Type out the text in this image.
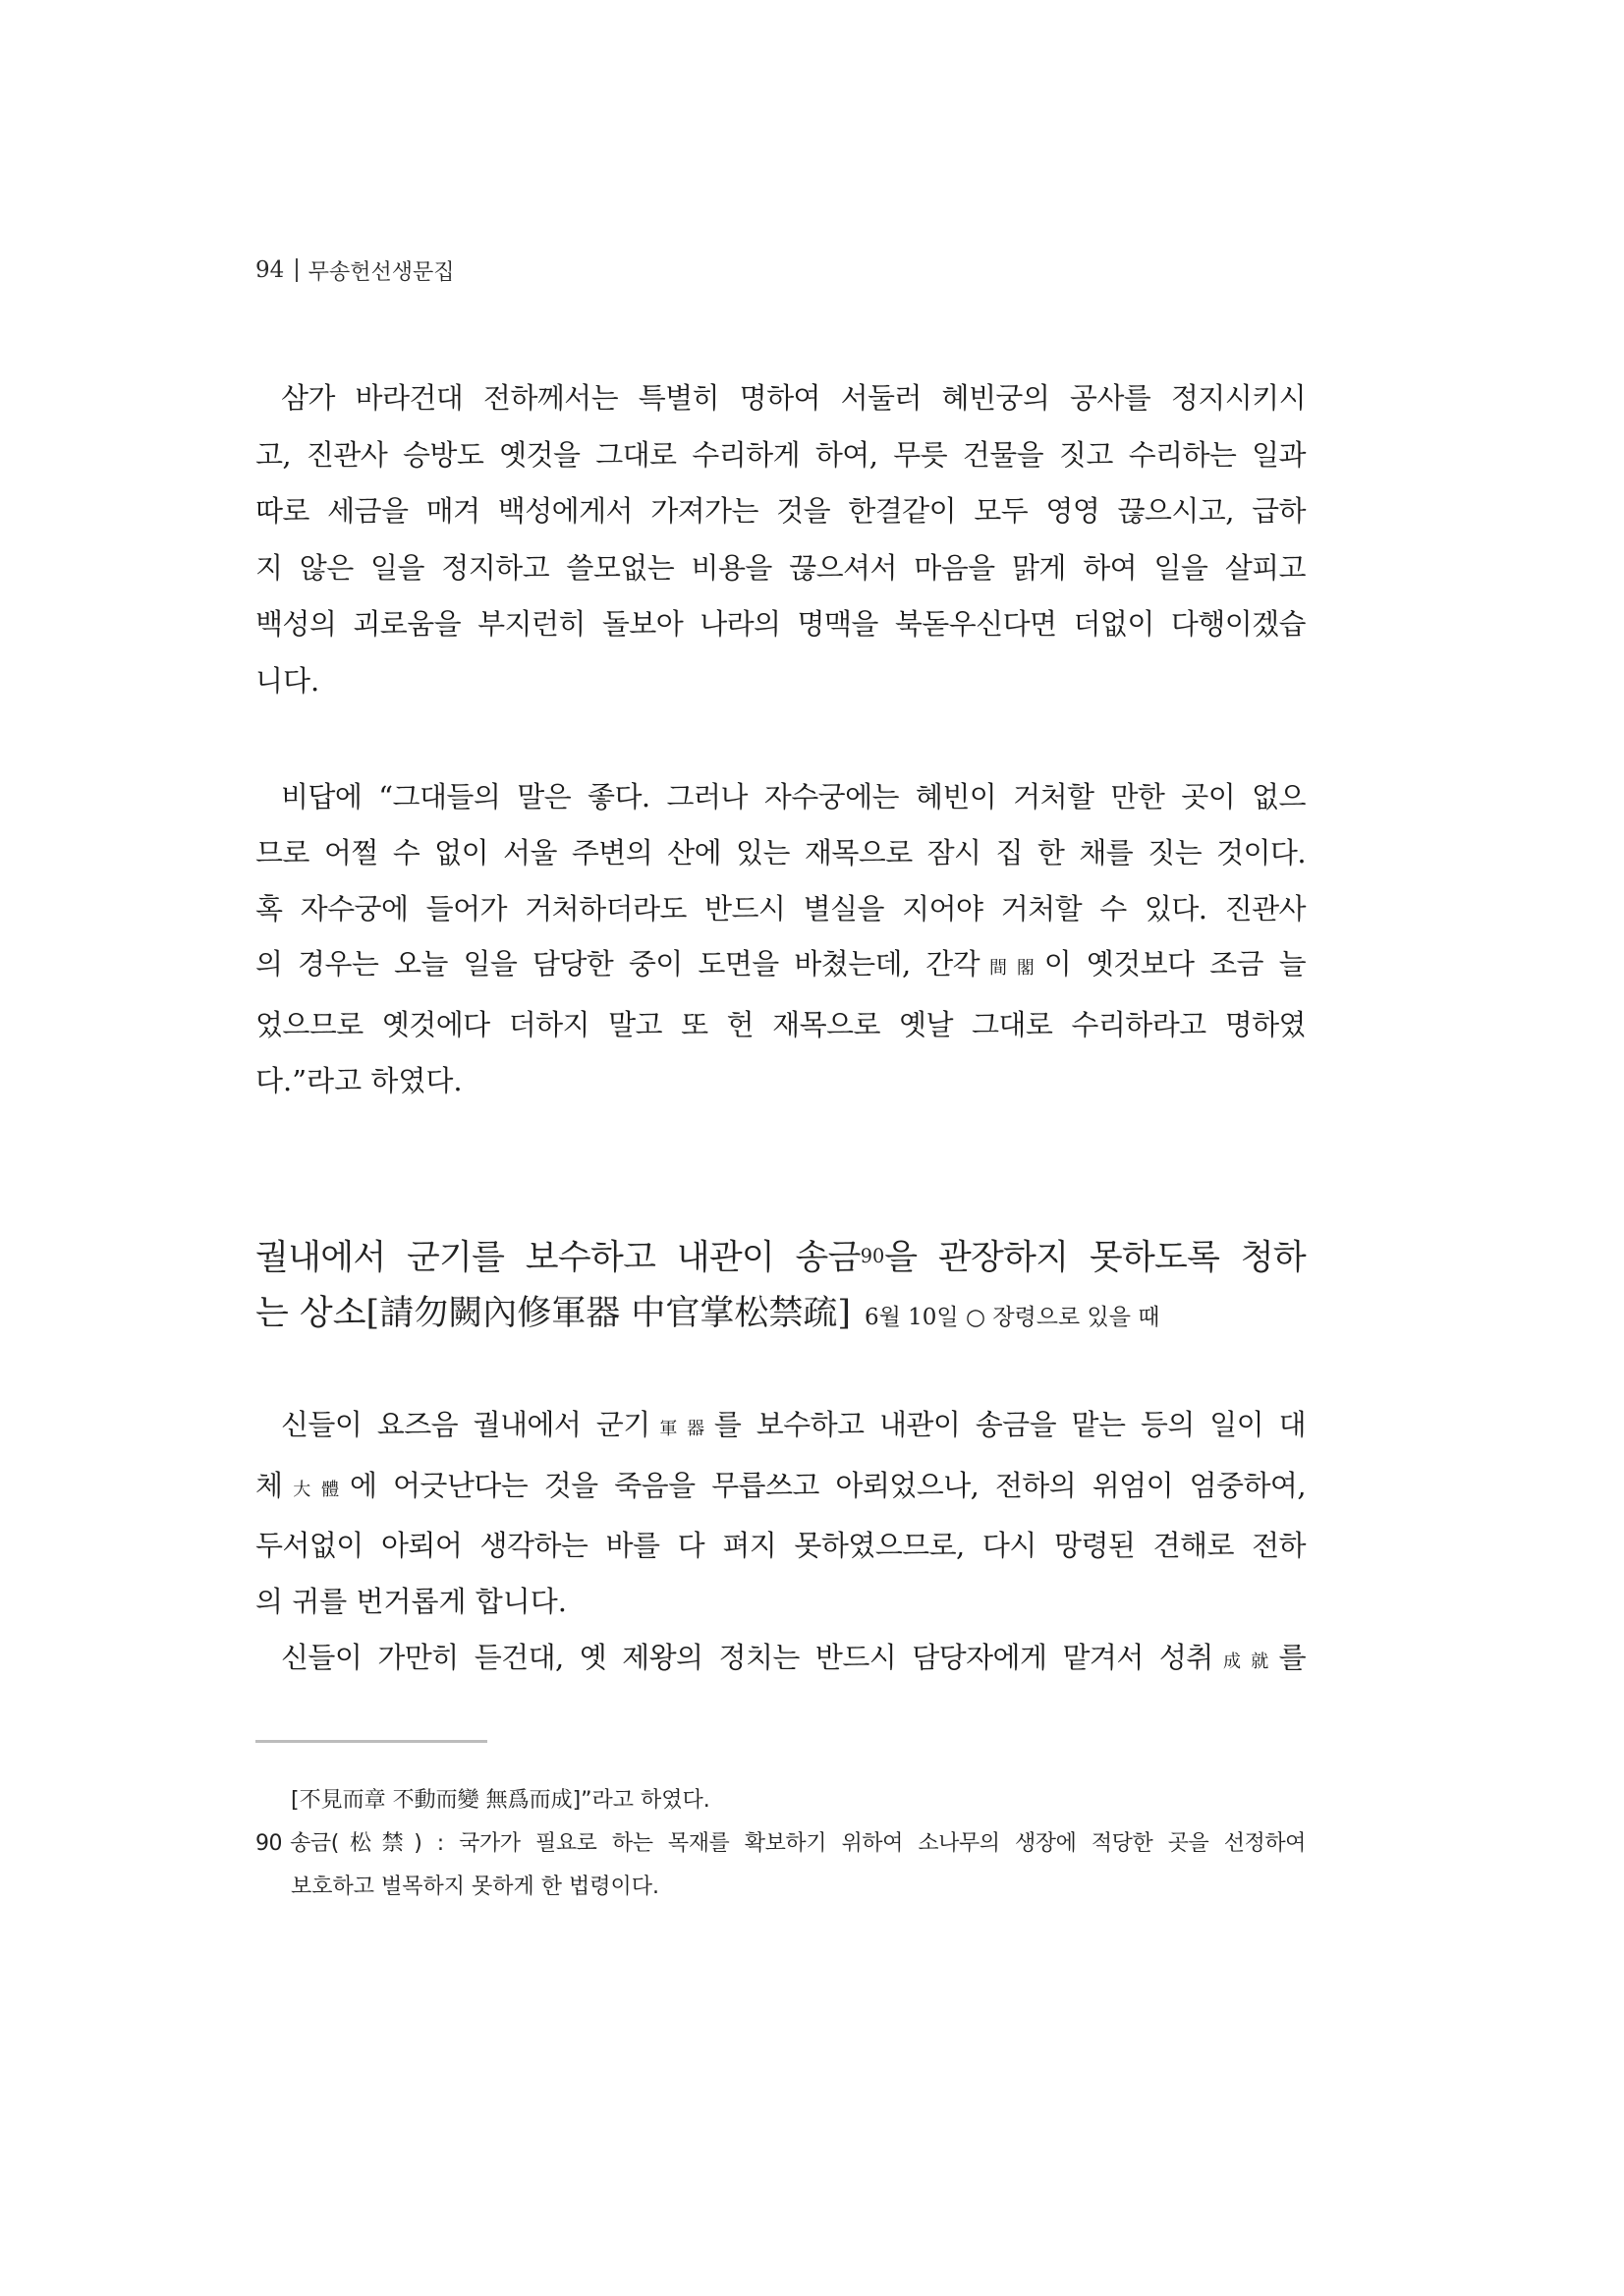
94 무송헌선생문집
삼가 바라건대 전하께서는 특별히 명하여 서둘러 혜빈궁의 공사를 정지시키시
고, 진관사 승방도 옛것을 그대로 수리하게 하여, 무릇 건물을 짓고 수리하는 일과
따로 세금을 매겨 백성에게서 가져가는 것을 한결같이 모두 영영 끊으시고, 급하
지 않은 일을 정지하고 쓸모없는 비용을 끊으셔서 마음을 맑게 하여 일을 살피고
백성의 괴로움을 부지런히 돌보아 나라의 명맥을 북돋우신다면 더없이 다행이겠습
니다.
비답에 “그대들의 말은 좋다. 그러나 자수궁에는 혜빈이 거처할 만한 곳이 없으
므로 어쩔 수 없이 서울 주변의 산에 있는 재목으로 잠시 집 한 채를 짓는 것이다.
혹 자수궁에 들어가 거처하더라도 반드시 별실을 지어야 거처할 수 있다. 진관사
의 경우는 오늘 일을 담당한 중이 도면을 바쳤는데, 간각間閣이 옛것보다 조금 늘
었으므로 옛것에다 더하지 말고 또 헌 재목으로 옛날 그대로 수리하라고 명하였
다.”라고 하였다.
궐내에서 군기를 보수하고 내관이 송금90을 관장하지 못하도록 청하
는 상소[請勿闕內修軍器 中官掌松禁疏] 6월 10일 ○ 장령으로 있을 때
신들이 요즈음 궐내에서 군기軍器를 보수하고 내관이 송금을 맡는 등의 일이 대
체大體에 어긋난다는 것을 죽음을 무릅쓰고 아뢰었으나, 전하의 위엄이 엄중하여,
두서없이 아뢰어 생각하는 바를 다 펴지 못하였으므로, 다시 망령된 견해로 전하
의 귀를 번거롭게 합니다.
신들이 가만히 듣건대, 옛 제왕의 정치는 반드시 담당자에게 맡겨서 성취成就를
[不見而章 不動而變 無爲而成]”라고 하였다.
90 송금(松禁) : 국가가 필요로 하는 목재를 확보하기 위하여 소나무의 생장에 적당한 곳을 선정하여
보호하고 벌목하지 못하게 한 법령이다.
